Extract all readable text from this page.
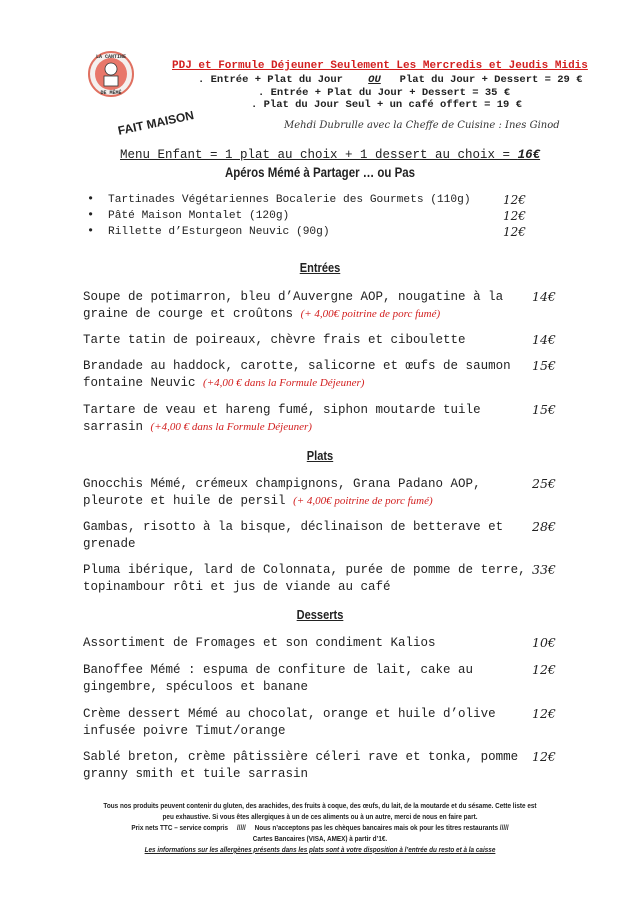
LA CANTINE
DE MÉMÉ
PDJ et Formule Déjeuner Seulement Les Mercredis et Jeudis Midis
. Entrée + Plat du Jour OU Plat du Jour + Dessert = 29 €
. Entrée + Plat du Jour + Dessert = 35 €
. Plat du Jour Seul + un café offert = 19 €
FAIT MAISON	Mehdi Dubrulle avec la Cheffe de Cuisine : Ines Ginod
Menu Enfant = 1 plat au choix + 1 dessert au choix = 16€
Apéros Mémé à Partager … ou Pas
• Tartinades Végétariennes Bocalerie des Gourmets (110g)	12€
• Pâté Maison Montalet (120g)	12€
• Rillette d’Esturgeon Neuvic (90g)	12€
Entrées
Soupe de potimarron, bleu d’Auvergne AOP, nougatine à la graine de courge et croûtons (+ 4,00€ poitrine de porc fumé)
14€
Tarte tatin de poireaux, chèvre frais et ciboulette	14€
Brandade au haddock, carotte, salicorne et œufs de saumon fontaine Neuvic (+4,00 € dans la Formule Déjeuner)
15€
Tartare de veau et hareng fumé, siphon moutarde tuile sarrasin (+4,00 € dans la Formule Déjeuner)
15€
Plats
Gnocchis Mémé, crémeux champignons, Grana Padano AOP, pleurote et huile de persil (+ 4,00€ poitrine de porc fumé)
25€
Gambas, risotto à la bisque, déclinaison de betterave et grenade
28€
Pluma ibérique, lard de Colonnata, purée de pomme de terre, topinambour rôti et jus de viande au café
33€
Desserts
Assortiment de Fromages et son condiment Kalios	10€
Banoffee Mémé : espuma de confiture de lait, cake au gingembre, spéculoos et banane
12€
Crème dessert Mémé au chocolat, orange et huile d’olive infusée poivre Timut/orange
12€
Sablé breton, crème pâtissière céleri rave et tonka, pomme granny smith et tuile sarrasin
12€
Tous nos produits peuvent contenir du gluten, des arachides, des fruits à coque, des œufs, du lait, de la moutarde et du sésame. Cette liste est
peu exhaustive. Si vous êtes allergiques à un de ces aliments ou à un autre, merci de nous en faire part.
Prix nets TTC – service compris     /////     Nous n’acceptons pas les chèques bancaires mais ok pour les titres restaurants /////
Cartes Bancaires (VISA, AMEX) à partir d’1€.
Les informations sur les allergènes présents dans les plats sont à votre disposition à l’entrée du resto et à la caisse
